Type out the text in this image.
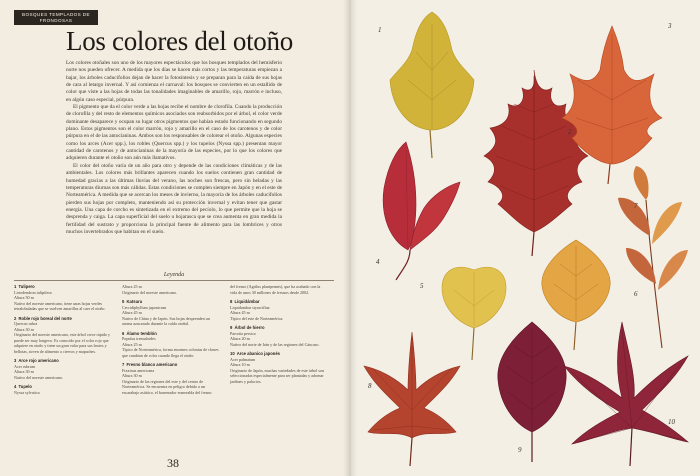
BOSQUES TEMPLADOS DE FRONDOSAS
Los colores del otoño

Los colores otoñales son uno de los mayores espectáculos que los bosques templados del hemisferio norte nos pueden ofrecer. A medida que los días se hacen más cortos y las temperaturas empiezan a bajar, los árboles caducifolios dejan de hacer la fotosíntesis y se preparan para la caída de sus hojas de cara al letargo invernal. Y así comienza el carnaval: los bosques se convierten en un estallido de color que viste a las hojas de todas las tonalidades imaginables de amarillo, rojo, marrón e incluso, en algún caso especial, púrpura.

El pigmento que da el color verde a las hojas recibe el nombre de clorofila. Cuando la producción de clorofila y del resto de elementos químicos asociados son reabsorbidos por el árbol, el color verde dominante desaparece y ocupan su lugar otros pigmentos que habían estado funcionando en segundo plano. Estos pigmentos son el color marrón, rojo y amarillo en el caso de los carotenos y de color púrpura en el de las antocianinas. Ambos son los responsables de colorear el otoño. Algunas especies como los arces (Acer spp.), los robles (Quercus spp.) y los tupelos (Nyssa spp.) presentan mayor cantidad de carotenos y de antocianinas de la mayoría de las especies, por lo que los colores que adquieren durante el otoño son aún más llamativos.

El color del otoño varía de un año para otro y depende de las condiciones climáticas y de las ambientales. Los colores más brillantes aparecen cuando los suelos contienen gran cantidad de humedad gracias a las últimas lluvias del verano, las noches son frescas, pero sin heladas y las temperaturas diurnas son más cálidas. Estas condiciones se cumplen siempre en Japón y en el este de Norteamérica. A medida que se acercan los meses de invierno, la mayoría de los árboles caducifolios pierden sus hojas por completo, manteniendo así su protección invernal y evitan tener que gastar energía. Una capa de corcho es sintetizada en el extremo del pecíolo, lo que permite que la hoja se desprenda y caiga. La capa superficial del suelo u hojarasca que se crea aumenta en gran medida la fertilidad del sustrato y proporciona la principal fuente de alimento para las lombrices y otros muchos invertebrados que habitan en el suelo.

Leyenda
1 Tulipero
Liriodendron tulipifera
Altura 50 m
Nativo del noreste americano, tiene unas hojas verdes tetralobuladas que se vuelven amarillas al caer el otoño.
2 Roble rojo boreal del norte
Quercus rubra
Altura 30 m
Originario del noreste americano, este árbol crece rápido y puede ser muy longevo. Es conocido por el color rojo que adquiere en otoño y tiene un gran valor para sus brotes y bellotas, sirven de alimento a ciervos y mapaches.
3 Arce rojo americano
Acer rubrum
Altura 30 m
Nativo del noreste americano.
4 Tupelo
Nyssa sylvatica
Altura 25 m
Originario del noreste americano.
5 Katsura
Cercidiphyllum japonicum
Altura 45 m
Nativo de China y de Japón. Sus hojas desprenden un aroma azucarado durante la caída otoñal.
6 Álamo temblón
Populus tremuloides
Altura 25 m
Típico de Norteamérica, forma enormes colonias de clones que cambian de color cuando llega el otoño.
7 Fresno blanco americano
Fraxinus americana
Altura 30 m
Originario de las regiones del este y del centro de Norteamérica. Se encuentra en peligro debido a un escarabajo asiático, el barrenador esmeralda del fresno.
del fresno (Agrilus planipennis), que ha acabado con la vida de unos 30 millones de fresnos desde 2002.
8 Liquidámbar
Liquidambar styraciflua
Altura 45 m
Típico del este de Norteamérica.
9 Árbol de hierro
Parrotia persica
Altura 20 m
Nativo del norte de Irán y de las regiones del Cáucaso.
10 Arce abanico japonés
Acer palmatum
Altura 10 m
Originario de Japón, muchas variedades de este árbol son seleccionadas especialmente para ser plantadas y adornar jardines y palacios.
38
1
2
3
4
5
6
7
8
9
10
